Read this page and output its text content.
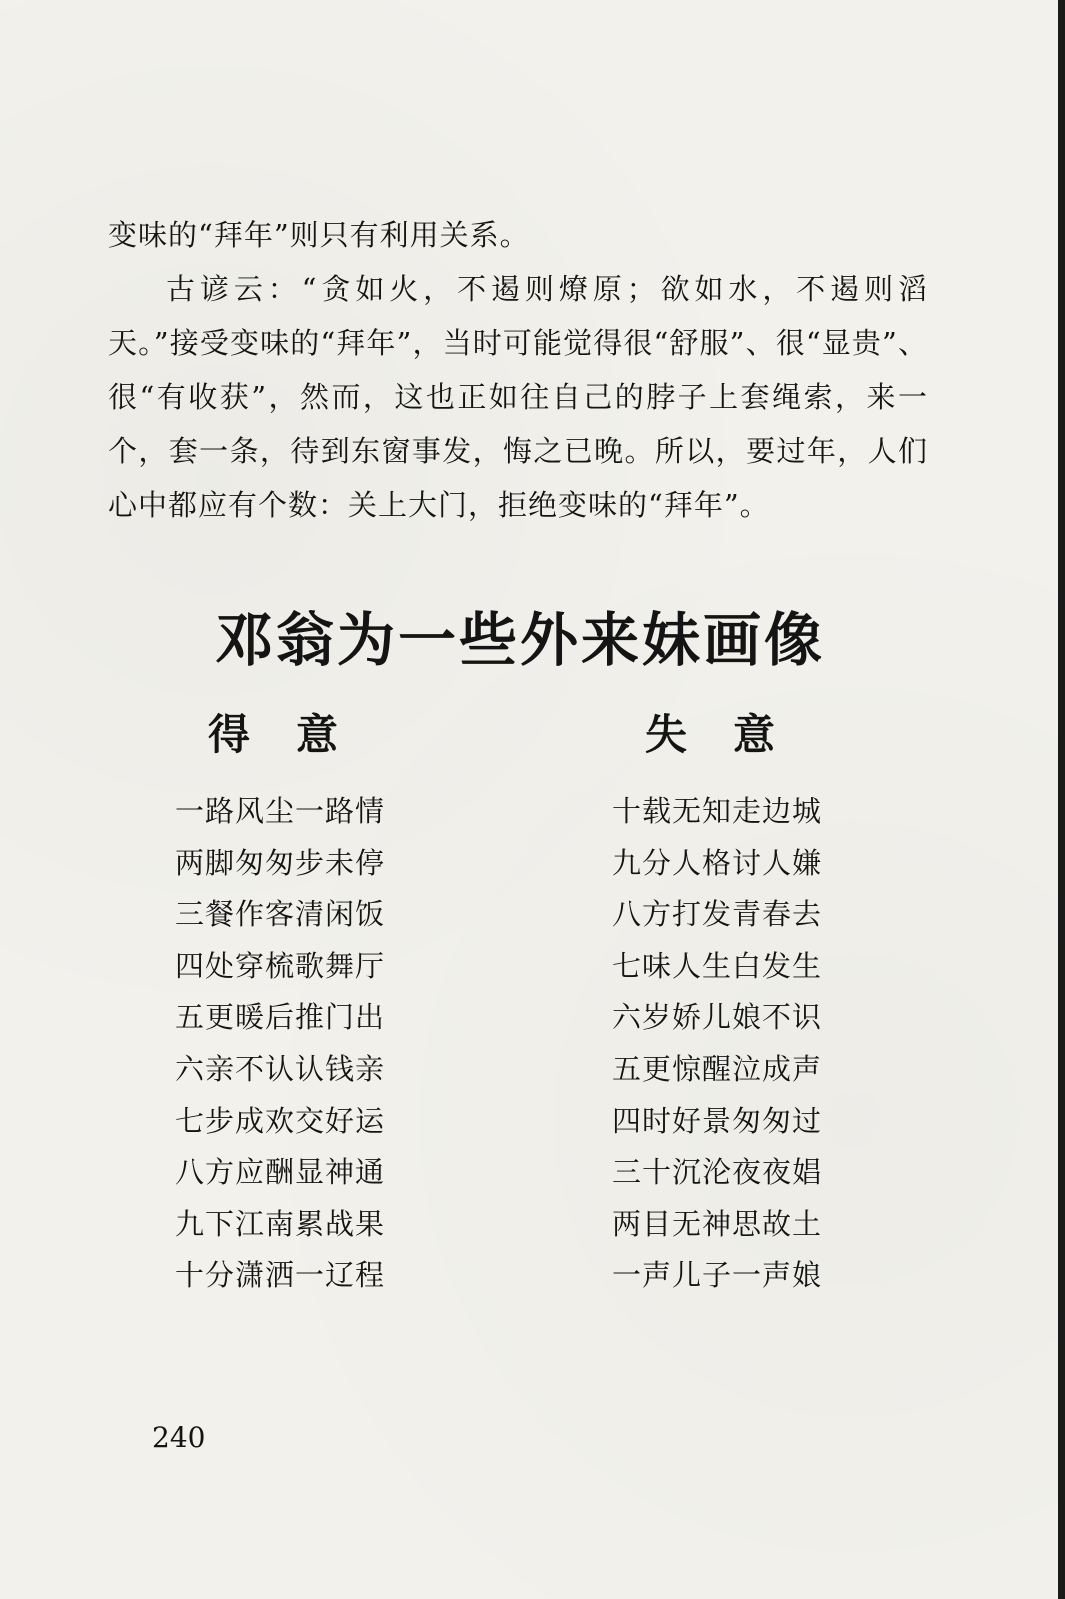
变味的“拜年”则只有利用关系。

古谚云：“贪如火，不遏则燎原；欲如水，不遏则滔天。”接受变味的“拜年”，当时可能觉得很“舒服”、很“显贵”、很“有收获”，然而，这也正如往自己的脖子上套绳索，来一个，套一条，待到东窗事发，悔之已晚。所以，要过年，人们心中都应有个数：关上大门，拒绝变味的“拜年”。

邓翁为一些外来妹画像
得意	失意
一路风尘一路情
两脚匆匆步未停
三餐作客清闲饭
四处穿梳歌舞厅
五更暖后推门出
六亲不认认钱亲
七步成欢交好运
八方应酬显神通
九下江南累战果
十分潇洒一辽程
十载无知走边城
九分人格讨人嫌
八方打发青春去
七味人生白发生
六岁娇儿娘不识
五更惊醒泣成声
四时好景匆匆过
三十沉沦夜夜娼
两目无神思故土
一声儿子一声娘
240
